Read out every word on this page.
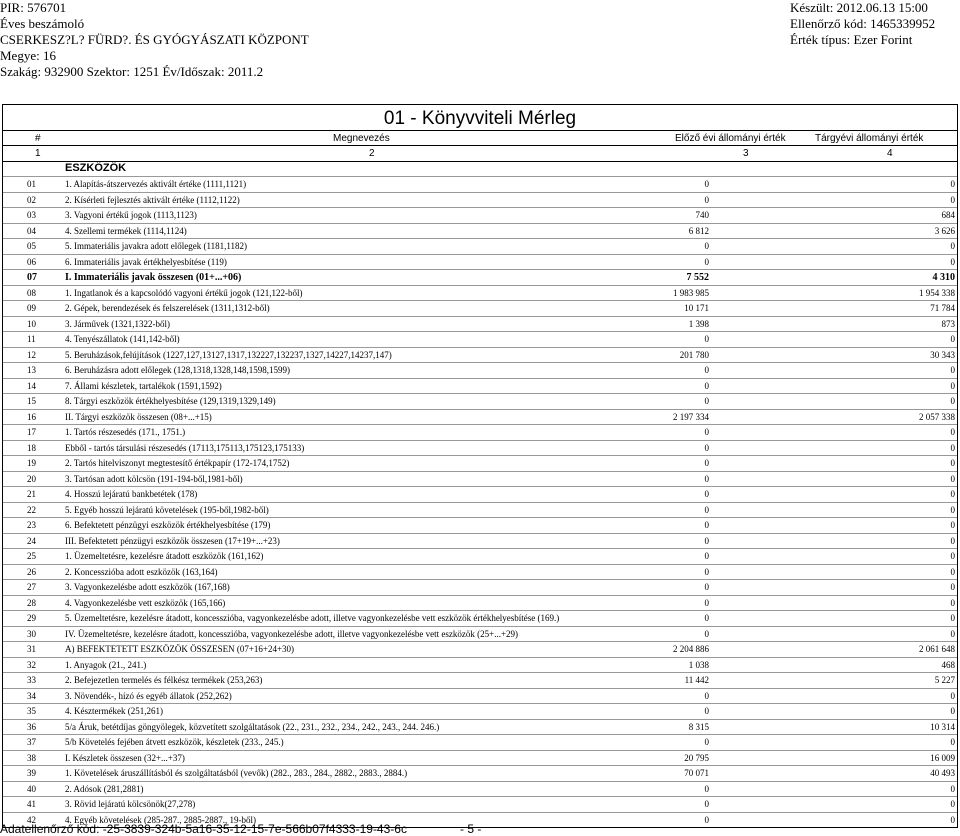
PIR: 576701
Éves beszámoló
CSERKESZ?L? FÜRD?. ÉS GYÓGYÁSZATI KÖZPONT
Megye: 16
Szakág: 932900 Szektor: 1251 Év/Időszak: 2011.2
Készült: 2012.06.13 15:00
Ellenőrző kód: 1465339952
Érték típus: Ezer Forint
01 - Könyvviteli Mérleg
#	Megnevezés	Előző évi állományi érték	Tárgyévi állományi érték
1	2	3	4
ESZKÖZÖK
01	1. Alapítás-átszervezés aktivált értéke (1111,1121)	0	0
02	2. Kísérleti fejlesztés aktivált értéke (1112,1122)	0	0
03	3. Vagyoni értékű jogok (1113,1123)	740	684
04	4. Szellemi termékek (1114,1124)	6 812	3 626
05	5. Immateriális javakra adott előlegek (1181,1182)	0	0
06	6. Immateriális javak értékhelyesbítése (119)	0	0
07	I. Immateriális javak összesen (01+...+06)	7 552	4 310
08	1. Ingatlanok és a kapcsolódó vagyoni értékű jogok (121,122-ből)	1 983 985	1 954 338
09	2. Gépek, berendezések és felszerelések (1311,1312-ből)	10 171	71 784
10	3. Járművek (1321,1322-ből)	1 398	873
11	4. Tenyészállatok (141,142-ből)	0	0
12	5. Beruházások,felújítások (1227,127,13127,1317,132227,132237,1327,14227,14237,147)	201 780	30 343
13	6. Beruházásra adott előlegek (128,1318,1328,148,1598,1599)	0	0
14	7. Állami készletek, tartalékok (1591,1592)	0	0
15	8. Tárgyi eszközök értékhelyesbítése (129,1319,1329,149)	0	0
16	II. Tárgyi eszközök összesen (08+...+15)	2 197 334	2 057 338
17	1. Tartós részesedés (171., 1751.)	0	0
18	Ebből - tartós társulási részesedés (17113,175113,175123,175133)	0	0
19	2. Tartós hitelviszonyt megtestesítő értékpapír (172-174,1752)	0	0
20	3. Tartósan adott kölcsön (191-194-ből,1981-ből)	0	0
21	4. Hosszú lejáratú bankbetétek (178)	0	0
22	5. Egyéb hosszú lejáratú követelések (195-ből,1982-ből)	0	0
23	6. Befektetett pénzügyi eszközök értékhelyesbítése (179)	0	0
24	III. Befektetett pénzügyi eszközök összesen (17+19+...+23)	0	0
25	1. Üzemeltetésre, kezelésre átadott eszközök (161,162)	0	0
26	2. Koncesszióba adott eszközök (163,164)	0	0
27	3. Vagyonkezelésbe adott eszközök (167,168)	0	0
28	4. Vagyonkezelésbe vett eszközök (165,166)	0	0
29	5. Üzemeltetésre, kezelésre átadott, koncesszióba, vagyonkezelésbe adott, illetve vagyonkezelésbe vett eszközök értékhelyesbítése (169.)	0	0
30	IV. Üzemeltetésre, kezelésre átadott, koncesszióba, vagyonkezelésbe adott, illetve vagyonkezelésbe vett eszközök (25+...+29)	0	0
31	A) BEFEKTETETT ESZKÖZÖK ÖSSZESEN (07+16+24+30)	2 204 886	2 061 648
32	1. Anyagok (21., 241.)	1 038	468
33	2. Befejezetlen termelés és félkész termékek (253,263)	11 442	5 227
34	3. Növendék-, hízó és egyéb állatok (252,262)	0	0
35	4. Késztermékek (251,261)	0	0
36	5/a Áruk, betétdíjas göngyölegek, közvetített szolgáltatások (22., 231., 232., 234., 242., 243., 244. 246.)	8 315	10 314
37	5/b Követelés fejében átvett eszközök, készletek (233., 245.)	0	0
38	I. Készletek összesen (32+...+37)	20 795	16 009
39	1. Követelések áruszállításból és szolgáltatásból (vevők) (282., 283., 284., 2882., 2883., 2884.)	70 071	40 493
40	2. Adósok (281,2881)	0	0
41	3. Rövid lejáratú kölcsönök(27,278)	0	0
42	4. Egyéb követelések (285-287., 2885-2887., 19-ből)	0	0
Adatellenőrző kód: -25-3839-324b-5a16-35-12-15-7e-566b07f4333-19-43-6c	- 5 -
